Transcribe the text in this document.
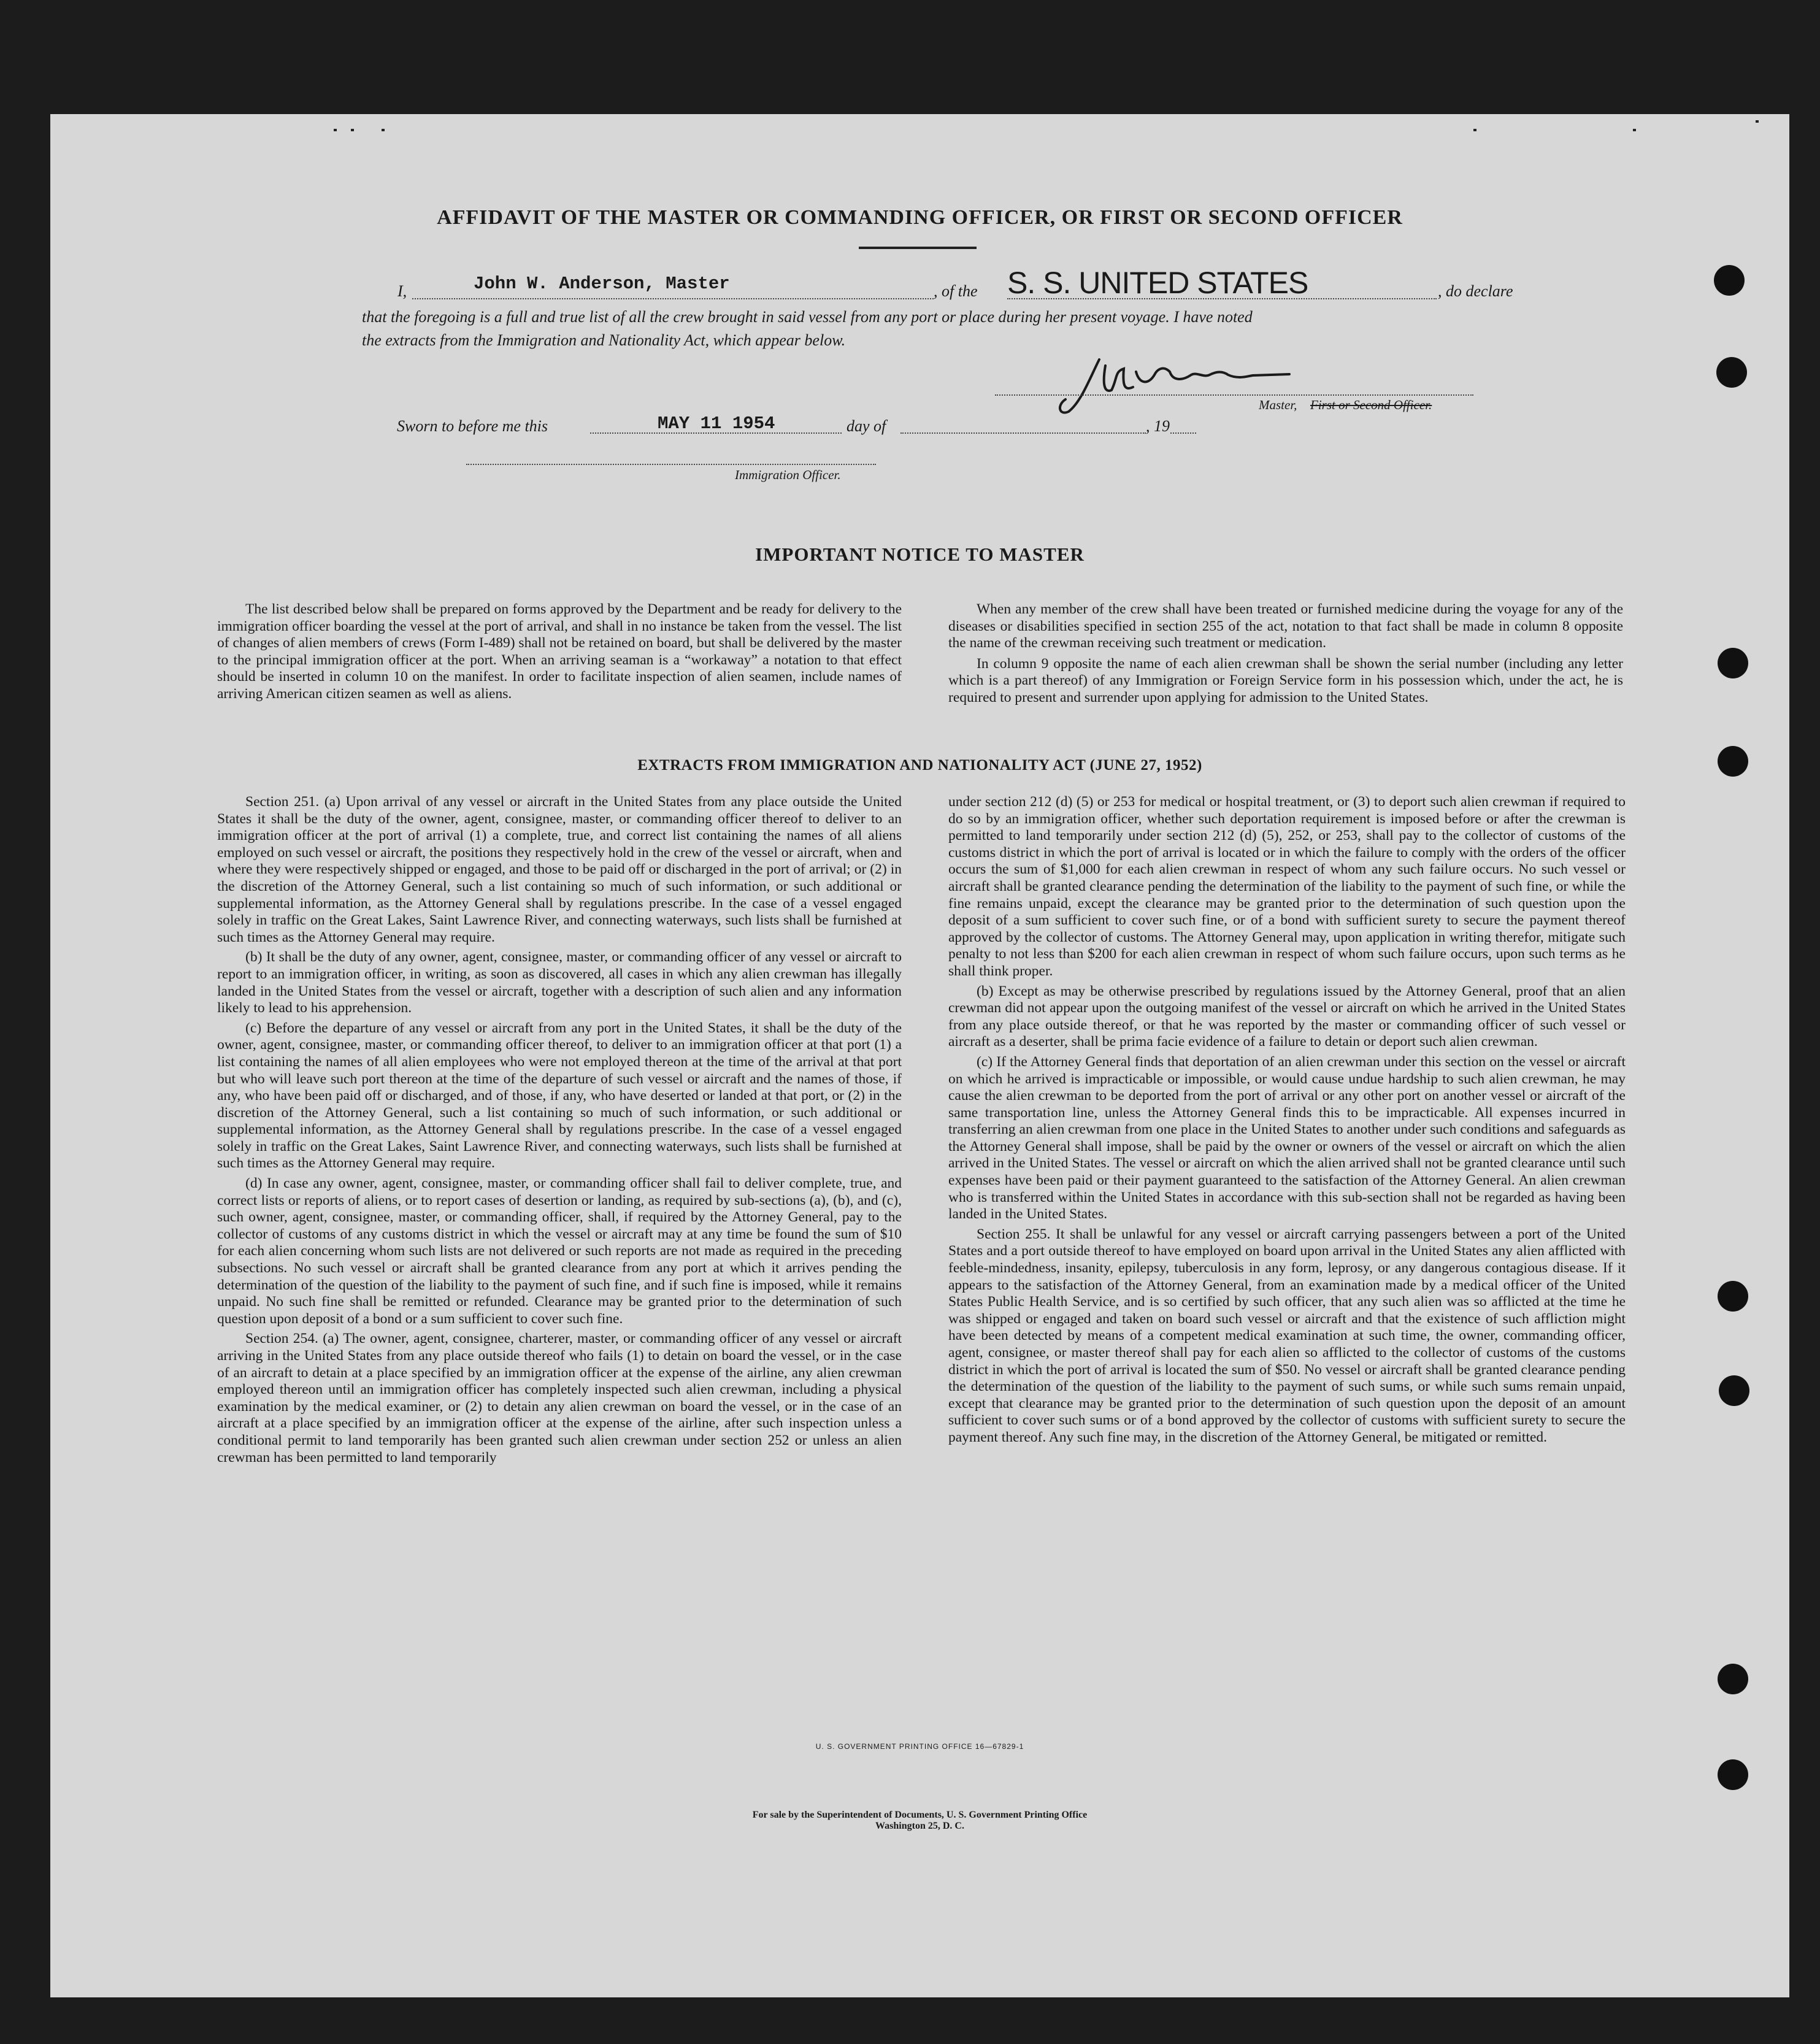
AFFIDAVIT OF THE MASTER OR COMMANDING OFFICER, OR FIRST OR SECOND OFFICER
I,	John W. Anderson, Master	, of the S. S. UNITED STATES	, do declare
that the foregoing is a full and true list of all the crew brought in said vessel from any port or place during her present voyage. I have noted
the extracts from the Immigration and Nationality Act, which appear below.
Master, First or Second Officer.
Sworn to before me this	MAY 11 1954	day of	, 19
Immigration Officer.
IMPORTANT NOTICE TO MASTER

The list described below shall be prepared on forms approved by the Department and be ready for delivery to the immigration officer boarding the vessel at the port of arrival, and shall in no instance be taken from the vessel. The list of changes of alien members of crews (Form I-489) shall not be retained on board, but shall be delivered by the master to the principal immigration officer at the port. When an arriving seaman is a “workaway” a notation to that effect should be inserted in column 10 on the manifest. In order to facilitate inspection of alien seamen, include names of arriving American citizen seamen as well as aliens.

When any member of the crew shall have been treated or furnished medicine during the voyage for any of the diseases or disabilities specified in section 255 of the act, notation to that fact shall be made in column 8 opposite the name of the crewman receiving such treatment or medication.

In column 9 opposite the name of each alien crewman shall be shown the serial number (including any letter which is a part thereof) of any Immigration or Foreign Service form in his possession which, under the act, he is required to present and surrender upon applying for admission to the United States.

EXTRACTS FROM IMMIGRATION AND NATIONALITY ACT (JUNE 27, 1952)

Section 251. (a) Upon arrival of any vessel or aircraft in the United States from any place outside the United States it shall be the duty of the owner, agent, consignee, master, or commanding officer thereof to deliver to an immigration officer at the port of arrival (1) a complete, true, and correct list containing the names of all aliens employed on such vessel or aircraft, the positions they respectively hold in the crew of the vessel or aircraft, when and where they were respectively shipped or engaged, and those to be paid off or discharged in the port of arrival; or (2) in the discretion of the Attorney General, such a list containing so much of such information, or such additional or supplemental information, as the Attorney General shall by regulations prescribe. In the case of a vessel engaged solely in traffic on the Great Lakes, Saint Lawrence River, and connecting waterways, such lists shall be furnished at such times as the Attorney General may require.

(b) It shall be the duty of any owner, agent, consignee, master, or commanding officer of any vessel or aircraft to report to an immigration officer, in writing, as soon as discovered, all cases in which any alien crewman has illegally landed in the United States from the vessel or aircraft, together with a description of such alien and any information likely to lead to his apprehension.

(c) Before the departure of any vessel or aircraft from any port in the United States, it shall be the duty of the owner, agent, consignee, master, or commanding officer thereof, to deliver to an immigration officer at that port (1) a list containing the names of all alien employees who were not employed thereon at the time of the arrival at that port but who will leave such port thereon at the time of the departure of such vessel or aircraft and the names of those, if any, who have been paid off or discharged, and of those, if any, who have deserted or landed at that port, or (2) in the discretion of the Attorney General, such a list containing so much of such information, or such additional or supplemental information, as the Attorney General shall by regulations prescribe. In the case of a vessel engaged solely in traffic on the Great Lakes, Saint Lawrence River, and connecting waterways, such lists shall be furnished at such times as the Attorney General may require.

(d) In case any owner, agent, consignee, master, or commanding officer shall fail to deliver complete, true, and correct lists or reports of aliens, or to report cases of desertion or landing, as required by sub-sections (a), (b), and (c), such owner, agent, consignee, master, or commanding officer, shall, if required by the Attorney General, pay to the collector of customs of any customs district in which the vessel or aircraft may at any time be found the sum of $10 for each alien concerning whom such lists are not delivered or such reports are not made as required in the preceding subsections. No such vessel or aircraft shall be granted clearance from any port at which it arrives pending the determination of the question of the liability to the payment of such fine, and if such fine is imposed, while it remains unpaid. No such fine shall be remitted or refunded. Clearance may be granted prior to the determination of such question upon deposit of a bond or a sum sufficient to cover such fine.

Section 254. (a) The owner, agent, consignee, charterer, master, or commanding officer of any vessel or aircraft arriving in the United States from any place outside thereof who fails (1) to detain on board the vessel, or in the case of an aircraft to detain at a place specified by an immigration officer at the expense of the airline, any alien crewman employed thereon until an immigration officer has completely inspected such alien crewman, including a physical examination by the medical examiner, or (2) to detain any alien crewman on board the vessel, or in the case of an aircraft at a place specified by an immigration officer at the expense of the airline, after such inspection unless a conditional permit to land temporarily has been granted such alien crewman under section 252 or unless an alien crewman has been permitted to land temporarily

under section 212 (d) (5) or 253 for medical or hospital treatment, or (3) to deport such alien crewman if required to do so by an immigration officer, whether such deportation requirement is imposed before or after the crewman is permitted to land temporarily under section 212 (d) (5), 252, or 253, shall pay to the collector of customs of the customs district in which the port of arrival is located or in which the failure to comply with the orders of the officer occurs the sum of $1,000 for each alien crewman in respect of whom any such failure occurs. No such vessel or aircraft shall be granted clearance pending the determination of the liability to the payment of such fine, or while the fine remains unpaid, except the clearance may be granted prior to the determination of such question upon the deposit of a sum sufficient to cover such fine, or of a bond with sufficient surety to secure the payment thereof approved by the collector of customs. The Attorney General may, upon application in writing therefor, mitigate such penalty to not less than $200 for each alien crewman in respect of whom such failure occurs, upon such terms as he shall think proper.

(b) Except as may be otherwise prescribed by regulations issued by the Attorney General, proof that an alien crewman did not appear upon the outgoing manifest of the vessel or aircraft on which he arrived in the United States from any place outside thereof, or that he was reported by the master or commanding officer of such vessel or aircraft as a deserter, shall be prima facie evidence of a failure to detain or deport such alien crewman.

(c) If the Attorney General finds that deportation of an alien crewman under this section on the vessel or aircraft on which he arrived is impracticable or impossible, or would cause undue hardship to such alien crewman, he may cause the alien crewman to be deported from the port of arrival or any other port on another vessel or aircraft of the same transportation line, unless the Attorney General finds this to be impracticable. All expenses incurred in transferring an alien crewman from one place in the United States to another under such conditions and safeguards as the Attorney General shall impose, shall be paid by the owner or owners of the vessel or aircraft on which the alien arrived in the United States. The vessel or aircraft on which the alien arrived shall not be granted clearance until such expenses have been paid or their payment guaranteed to the satisfaction of the Attorney General. An alien crewman who is transferred within the United States in accordance with this sub-section shall not be regarded as having been landed in the United States.

Section 255. It shall be unlawful for any vessel or aircraft carrying passengers between a port of the United States and a port outside thereof to have employed on board upon arrival in the United States any alien afflicted with feeble-mindedness, insanity, epilepsy, tuberculosis in any form, leprosy, or any dangerous contagious disease. If it appears to the satisfaction of the Attorney General, from an examination made by a medical officer of the United States Public Health Service, and is so certified by such officer, that any such alien was so afflicted at the time he was shipped or engaged and taken on board such vessel or aircraft and that the existence of such affliction might have been detected by means of a competent medical examination at such time, the owner, commanding officer, agent, consignee, or master thereof shall pay for each alien so afflicted to the collector of customs of the customs district in which the port of arrival is located the sum of $50. No vessel or aircraft shall be granted clearance pending the determination of the question of the liability to the payment of such sums, or while such sums remain unpaid, except that clearance may be granted prior to the determination of such question upon the deposit of an amount sufficient to cover such sums or of a bond approved by the collector of customs with sufficient surety to secure the payment thereof. Any such fine may, in the discretion of the Attorney General, be mitigated or remitted.

U. S. GOVERNMENT PRINTING OFFICE 16—67829-1
For sale by the Superintendent of Documents, U. S. Government Printing Office
Washington 25, D. C.
